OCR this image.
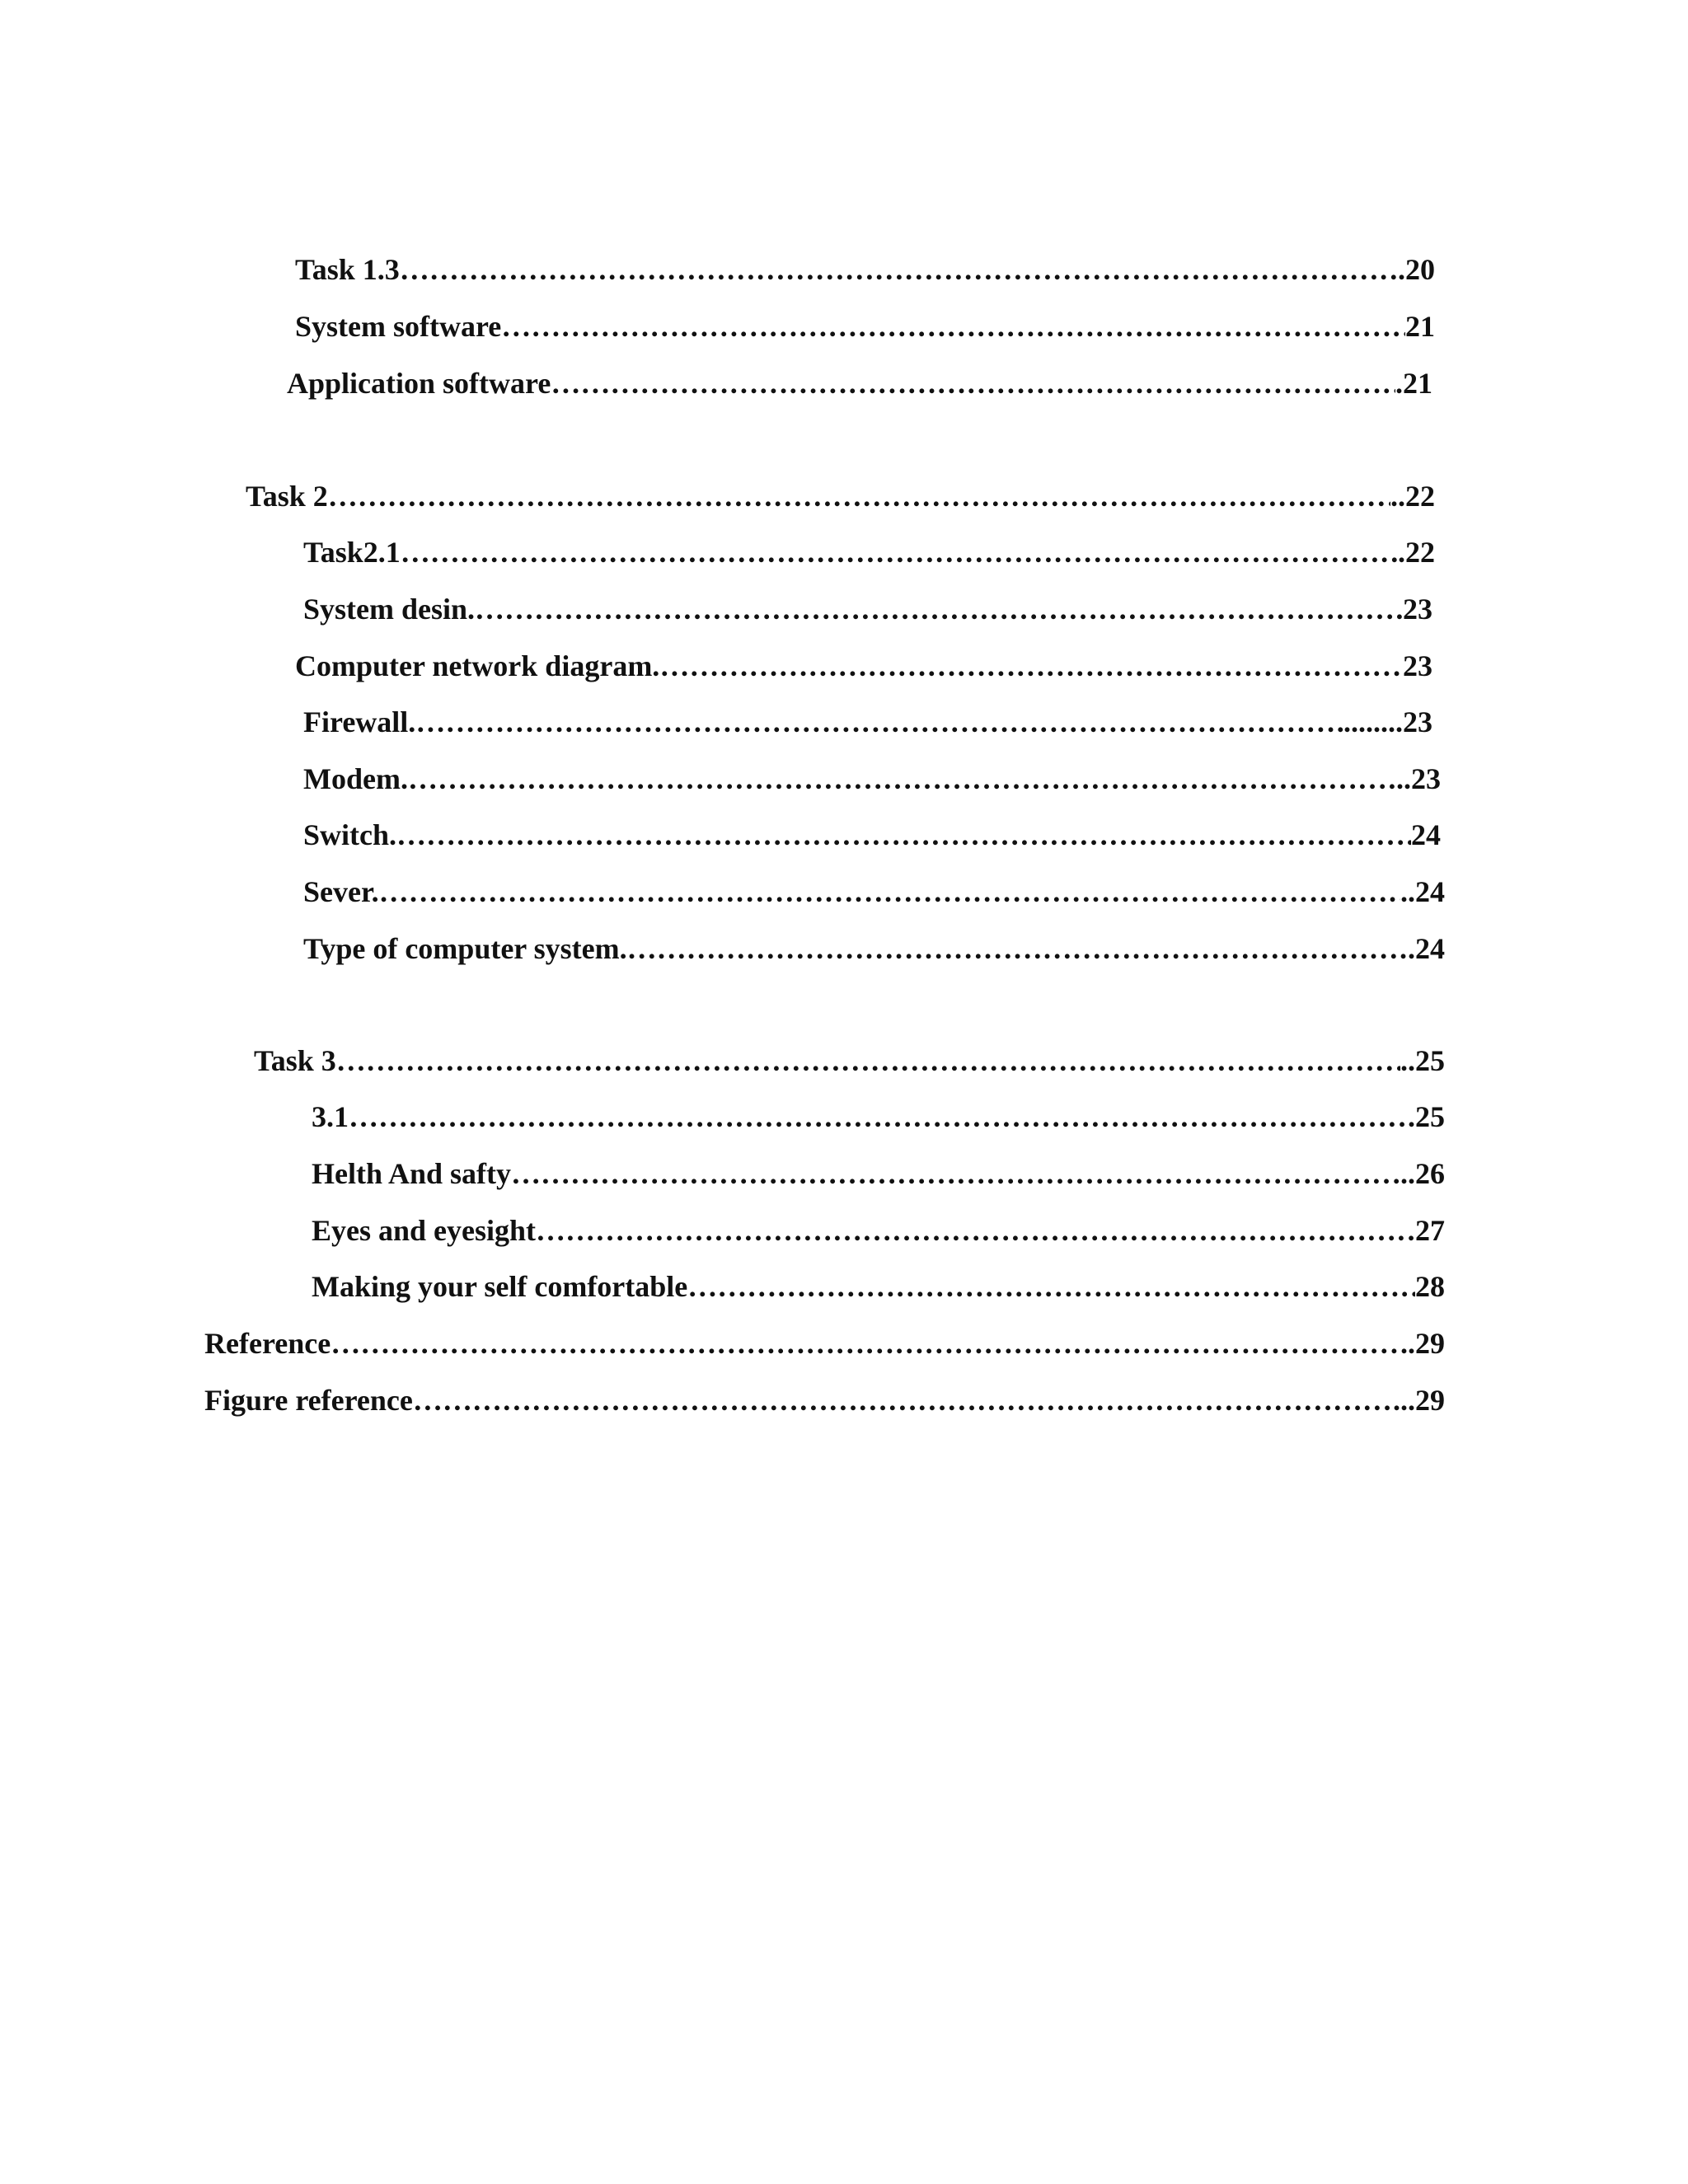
Task 1.3 ……………………………………………………………………………………………………………………………………………………………………………………………………………………………………………………………	.20
System software ……………………………………………………………………………………………………………………………………………………………………………………………………………………………………………………………	21
Application software ……………………………………………………………………………………………………………………………………………………………………………………………………………………………………………………………	.21
Task 2 ……………………………………………………………………………………………………………………………………………………………………………………………………………………………………………………………	..22
Task2.1 ……………………………………………………………………………………………………………………………………………………………………………………………………………………………………………………………	.22
System desin. ……………………………………………………………………………………………………………………………………………………………………………………………………………………………………………………………	23
Computer network diagram. ……………………………………………………………………………………………………………………………………………………………………………………………………………………………………………………………	23
Firewall. ……………………………………………………………………………………………………………………………………………………………………………………………………………………………………………………………	........23
Modem. ……………………………………………………………………………………………………………………………………………………………………………………………………………………………………………………………	..23
Switch. ……………………………………………………………………………………………………………………………………………………………………………………………………………………………………………………………	24
Sever. ……………………………………………………………………………………………………………………………………………………………………………………………………………………………………………………………	..24
Type of computer system. ……………………………………………………………………………………………………………………………………………………………………………………………………………………………………………………………	.24
Task 3 ……………………………………………………………………………………………………………………………………………………………………………………………………………………………………………………………	..25
3.1 ……………………………………………………………………………………………………………………………………………………………………………………………………………………………………………………………	.25
Helth And safty ……………………………………………………………………………………………………………………………………………………………………………………………………………………………………………………………	..26
Eyes and eyesight ……………………………………………………………………………………………………………………………………………………………………………………………………………………………………………………………	27
Making your self comfortable ……………………………………………………………………………………………………………………………………………………………………………………………………………………………………………………………	28
Reference ……………………………………………………………………………………………………………………………………………………………………………………………………………………………………………………………	..29
Figure reference ……………………………………………………………………………………………………………………………………………………………………………………………………………………………………………………………	...29
